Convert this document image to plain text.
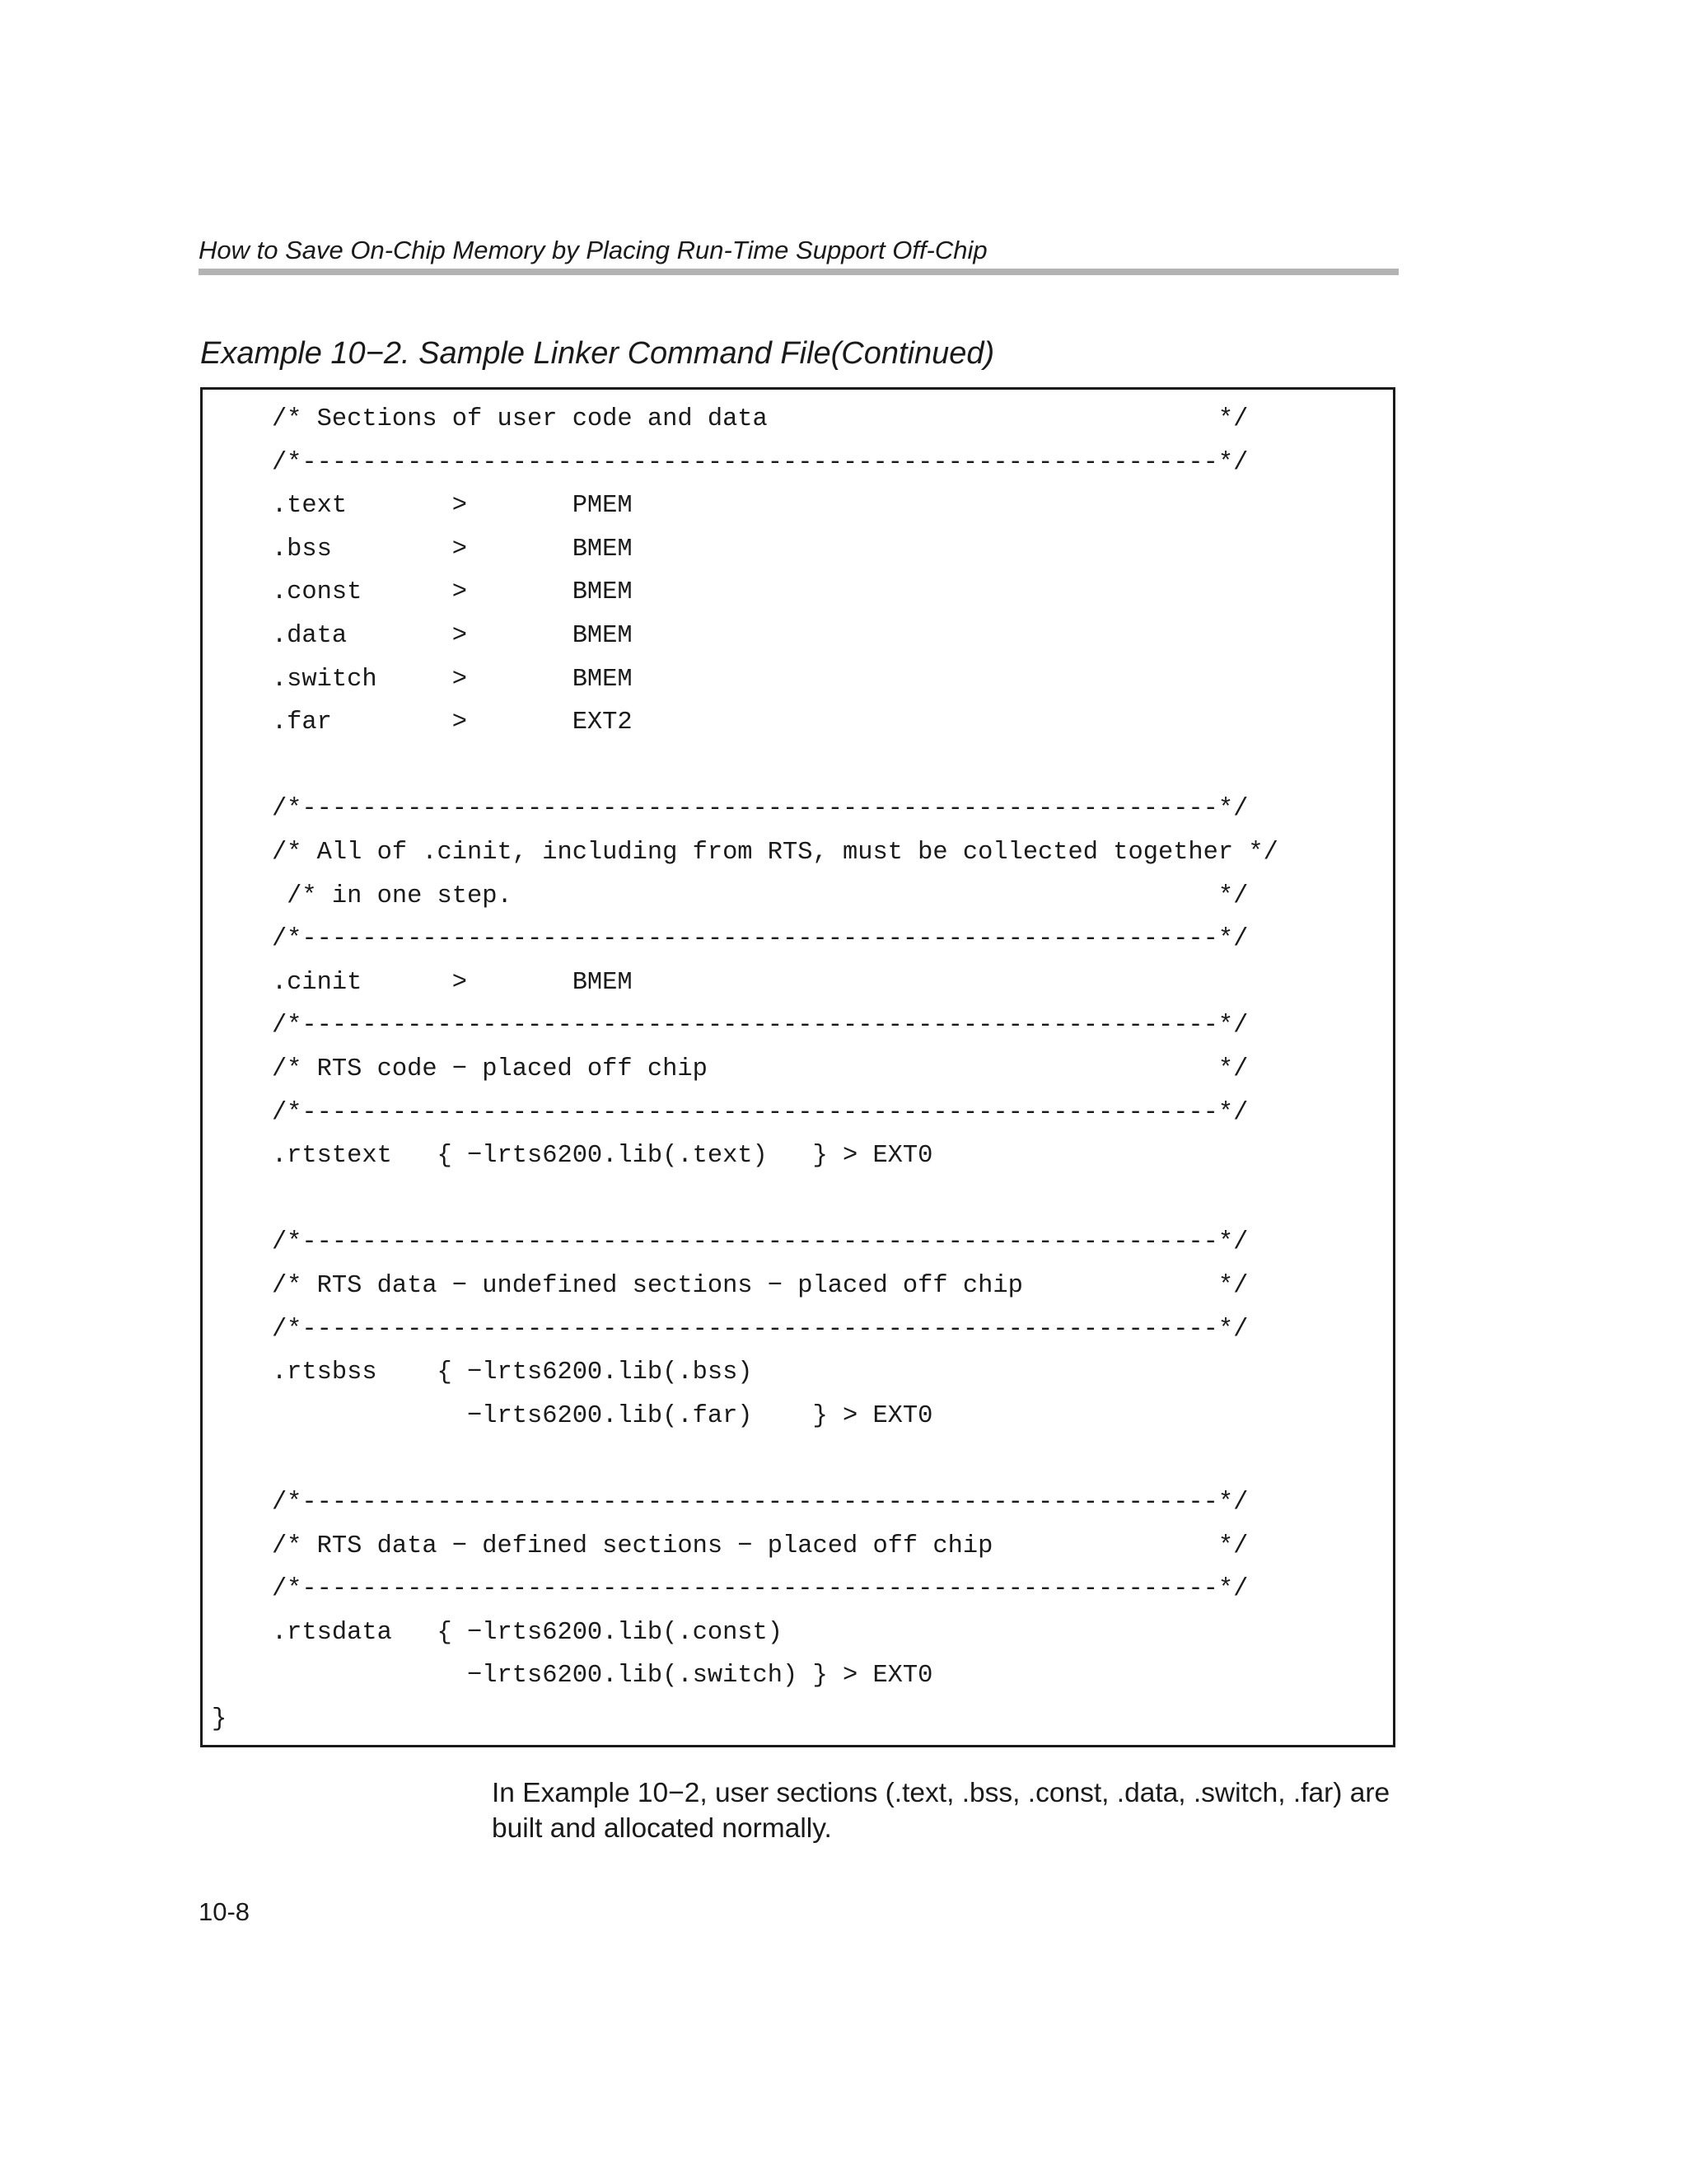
How to Save On-Chip Memory by Placing Run-Time Support Off-Chip
Example 10−2. Sample Linker Command File(Continued)
/* Sections of user code and data                              */
/*-------------------------------------------------------------*/
.text       >       PMEM
.bss        >       BMEM
.const      >       BMEM
.data       >       BMEM
.switch     >       BMEM
.far        >       EXT2
/*-------------------------------------------------------------*/
/* All of .cinit, including from RTS, must be collected together */
/* in one step.                                               */
/*-------------------------------------------------------------*/
.cinit      >       BMEM
/*-------------------------------------------------------------*/
/* RTS code − placed off chip                                  */
/*-------------------------------------------------------------*/
.rtstext   { −lrts6200.lib(.text)   } > EXT0
/*-------------------------------------------------------------*/
/* RTS data − undefined sections − placed off chip             */
/*-------------------------------------------------------------*/
.rtsbss    { −lrts6200.lib(.bss)
−lrts6200.lib(.far)    } > EXT0
/*-------------------------------------------------------------*/
/* RTS data − defined sections − placed off chip               */
/*-------------------------------------------------------------*/
.rtsdata   { −lrts6200.lib(.const)
−lrts6200.lib(.switch) } > EXT0
}
In Example 10−2, user sections (.text, .bss, .const, .data, .switch, .far) are built and allocated normally.
10-8
